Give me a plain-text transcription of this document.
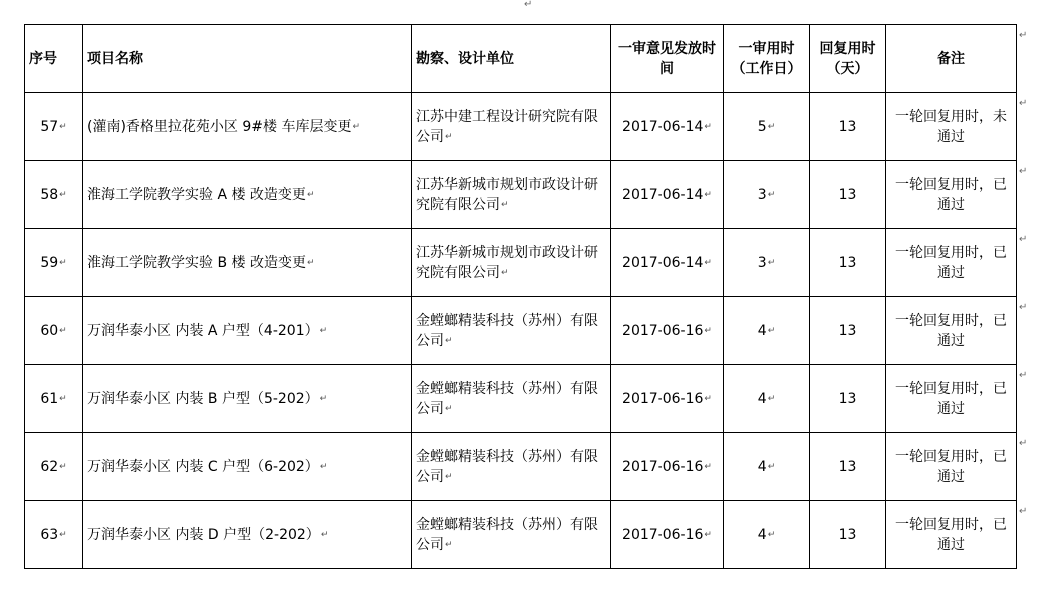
↵
序号	项目名称	勘察、设计单位	一审意见发放时间	一审用时（工作日）	回复用时（天）	备注
57↵	(灌南)香格里拉花苑小区 9#楼 车库层变更↵	江苏中建工程设计研究院有限公司↵	2017-06-14↵	5↵	13	一轮回复用时，未通过
58↵	淮海工学院教学实验 A 楼 改造变更↵	江苏华新城市规划市政设计研究院有限公司↵	2017-06-14↵	3↵	13	一轮回复用时，已通过
59↵	淮海工学院教学实验 B 楼 改造变更↵	江苏华新城市规划市政设计研究院有限公司↵	2017-06-14↵	3↵	13	一轮回复用时，已通过
60↵	万润华泰小区 内装 A 户型（4-201）↵	金螳螂精装科技（苏州）有限公司↵	2017-06-16↵	4↵	13	一轮回复用时，已通过
61↵	万润华泰小区 内装 B 户型（5-202）↵	金螳螂精装科技（苏州）有限公司↵	2017-06-16↵	4↵	13	一轮回复用时，已通过
62↵	万润华泰小区 内装 C 户型（6-202）↵	金螳螂精装科技（苏州）有限公司↵	2017-06-16↵	4↵	13	一轮回复用时，已通过
63↵	万润华泰小区 内装 D 户型（2-202）↵	金螳螂精装科技（苏州）有限公司↵	2017-06-16↵	4↵	13	一轮回复用时，已通过
↵
↵
↵
↵
↵
↵
↵
↵
